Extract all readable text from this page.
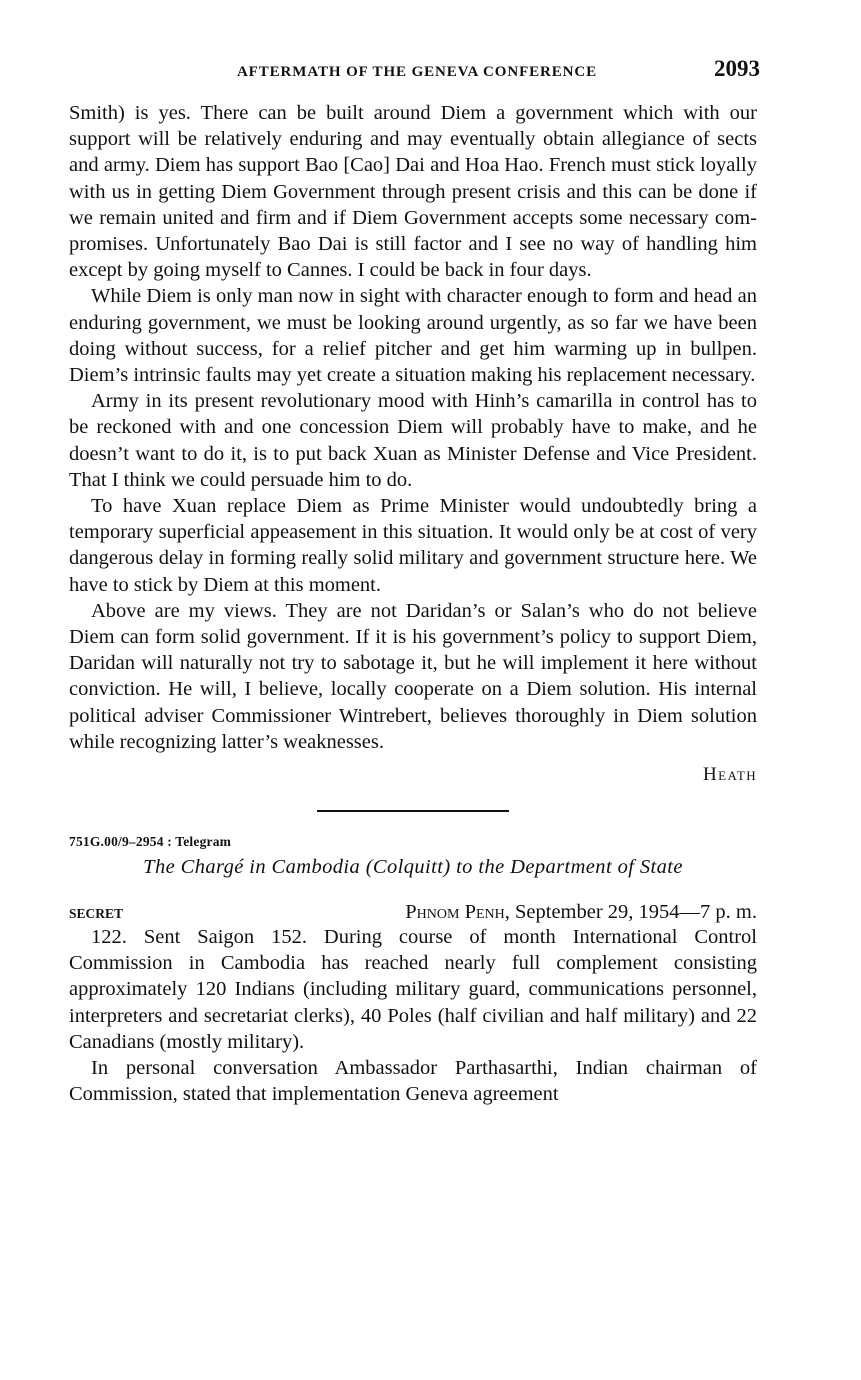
AFTERMATH OF THE GENEVA CONFERENCE	2093

Smith) is yes. There can be built around Diem a government which with our support will be relatively enduring and may eventually obtain allegiance of sects and army. Diem has support Bao [Cao] Dai and Hoa Hao. French must stick loyally with us in getting Diem Government through present crisis and this can be done if we remain united and firm and if Diem Government accepts some necessary compromises. Unfortunately Bao Dai is still factor and I see no way of handling him except by going myself to Cannes. I could be back in four days.

While Diem is only man now in sight with character enough to form and head an enduring government, we must be looking around urgently, as so far we have been doing without success, for a relief pitcher and get him warming up in bullpen. Diem’s intrinsic faults may yet create a situation making his replacement necessary.

Army in its present revolutionary mood with Hinh’s camarilla in control has to be reckoned with and one concession Diem will probably have to make, and he doesn’t want to do it, is to put back Xuan as Minister Defense and Vice President. That I think we could persuade him to do.

To have Xuan replace Diem as Prime Minister would undoubtedly bring a temporary superficial appeasement in this situation. It would only be at cost of very dangerous delay in forming really solid military and government structure here. We have to stick by Diem at this moment.

Above are my views. They are not Daridan’s or Salan’s who do not believe Diem can form solid government. If it is his government’s policy to support Diem, Daridan will naturally not try to sabotage it, but he will implement it here without conviction. He will, I believe, locally cooperate on a Diem solution. His internal political adviser Commissioner Wintrebert, believes thoroughly in Diem solution while recognizing latter’s weaknesses.

Heath
751G.00/9–2954 : Telegram
The Chargé in Cambodia (Colquitt) to the Department of State
SECRET	Phnom Penh, September 29, 1954—7 p. m.

122. Sent Saigon 152. During course of month International Control Commission in Cambodia has reached nearly full complement consisting approximately 120 Indians (including military guard, communications personnel, interpreters and secretariat clerks), 40 Poles (half civilian and half military) and 22 Canadians (mostly military).

In personal conversation Ambassador Parthasarthi, Indian chairman of Commission, stated that implementation Geneva agreement
